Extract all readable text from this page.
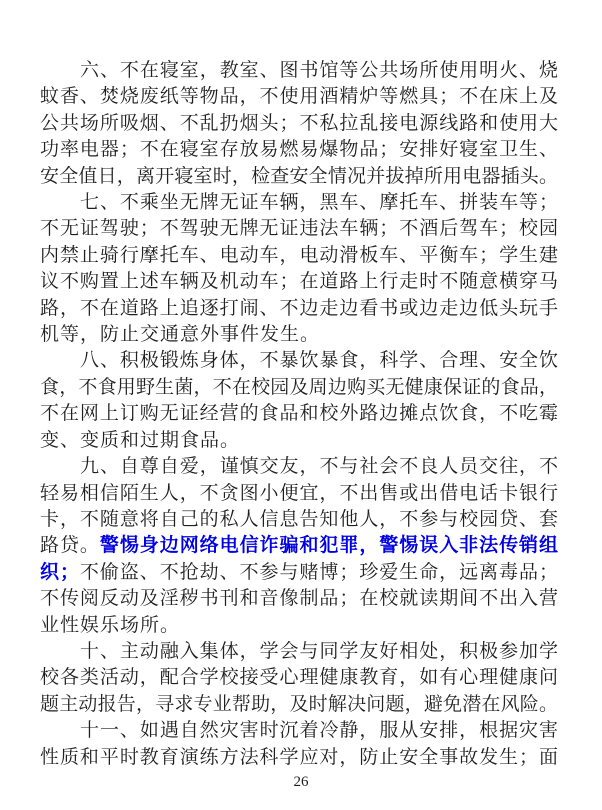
六、不在寝室，教室、图书馆等公共场所使用明火、烧
蚊香、焚烧废纸等物品，不使用酒精炉等燃具；不在床上及
公共场所吸烟、不乱扔烟头；不私拉乱接电源线路和使用大
功率电器；不在寝室存放易燃易爆物品；安排好寝室卫生、
安全值日，离开寝室时，检查安全情况并拔掉所用电器插头。
七、不乘坐无牌无证车辆，黑车、摩托车、拼装车等；
不无证驾驶；不驾驶无牌无证违法车辆；不酒后驾车；校园
内禁止骑行摩托车、电动车，电动滑板车、平衡车；学生建
议不购置上述车辆及机动车；在道路上行走时不随意横穿马
路，不在道路上追逐打闹、不边走边看书或边走边低头玩手
机等，防止交通意外事件发生。
八、积极锻炼身体，不暴饮暴食，科学、合理、安全饮
食，不食用野生菌，不在校园及周边购买无健康保证的食品，
不在网上订购无证经营的食品和校外路边摊点饮食，不吃霉
变、变质和过期食品。
九、自尊自爱，谨慎交友，不与社会不良人员交往，不
轻易相信陌生人，不贪图小便宜，不出售或出借电话卡银行
卡，不随意将自己的私人信息告知他人，不参与校园贷、套
路贷。警惕身边网络电信诈骗和犯罪，警惕误入非法传销组
织；不偷盗、不抢劫、不参与赌博；珍爱生命，远离毒品；
不传阅反动及淫秽书刊和音像制品；在校就读期间不出入营
业性娱乐场所。
十、主动融入集体，学会与同学友好相处，积极参加学
校各类活动，配合学校接受心理健康教育，如有心理健康问
题主动报告，寻求专业帮助，及时解决问题，避免潜在风险。
十一、如遇自然灾害时沉着冷静，服从安排，根据灾害
性质和平时教育演练方法科学应对，防止安全事故发生；面
26
